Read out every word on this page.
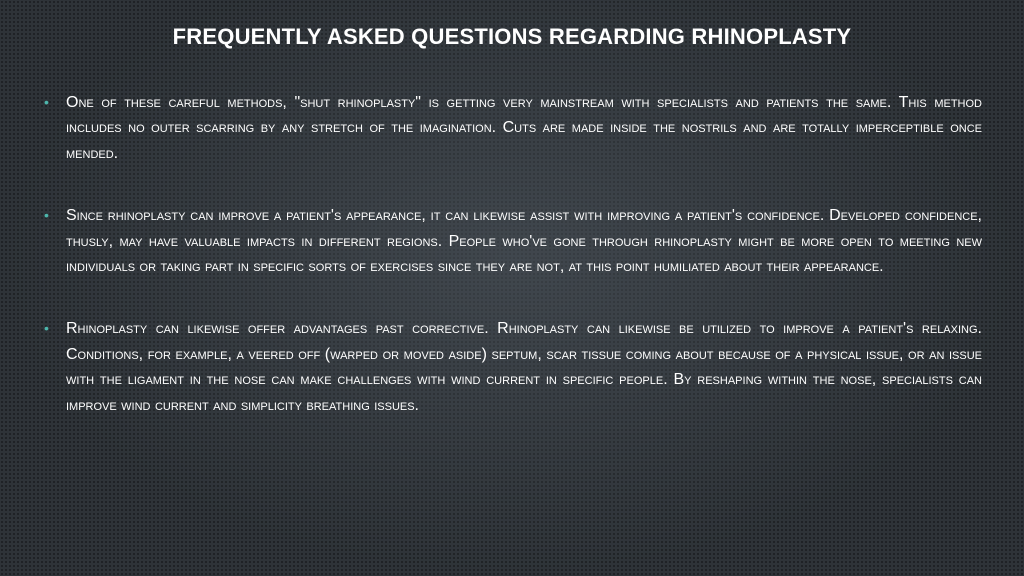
FREQUENTLY ASKED QUESTIONS REGARDING RHINOPLASTY
• One of these careful methods, "shut rhinoplasty" is getting very mainstream with specialists and patients the same. This method includes no outer scarring by any stretch of the imagination. Cuts are made inside the nostrils and are totally imperceptible once mended.
• Since rhinoplasty can improve a patient's appearance, it can likewise assist with improving a patient's confidence. Developed confidence, thusly, may have valuable impacts in different regions. People who've gone through rhinoplasty might be more open to meeting new individuals or taking part in specific sorts of exercises since they are not, at this point humiliated about their appearance.
• Rhinoplasty can likewise offer advantages past corrective. Rhinoplasty can likewise be utilized to improve a patient's relaxing. Conditions, for example, a veered off (warped or moved aside) septum, scar tissue coming about because of a physical issue, or an issue with the ligament in the nose can make challenges with wind current in specific people. By reshaping within the nose, specialists can improve wind current and simplicity breathing issues.
